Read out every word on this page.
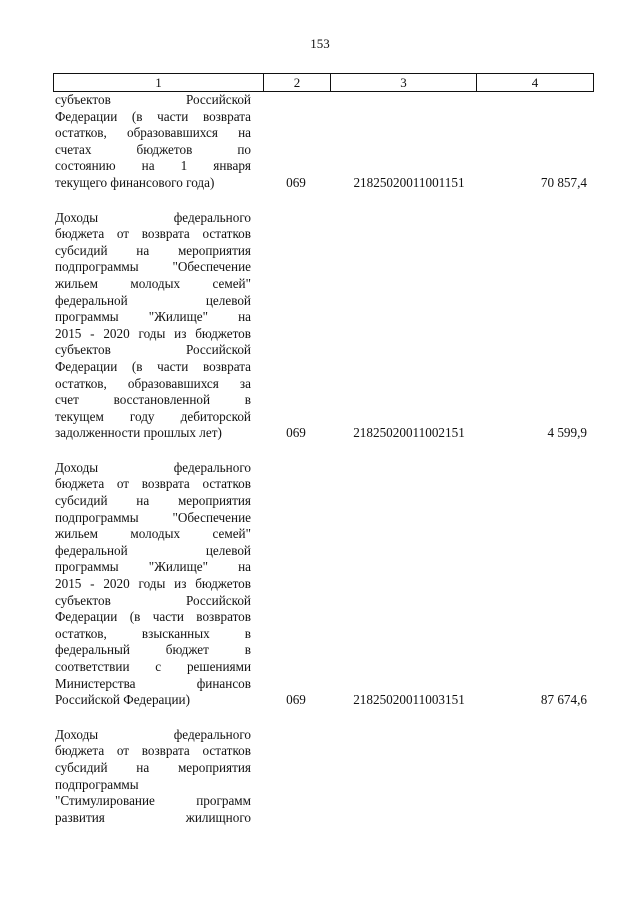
153
1	2	3	4
субъектов Российской
Федерации (в части возврата
остатков, образовавшихся на
счетах бюджетов по
состоянию на 1 января
текущего финансового года)	069	21825020011001151	70 857,4
Доходы федерального
бюджета от возврата остатков
субсидий на мероприятия
подпрограммы "Обеспечение
жильем молодых семей"
федеральной целевой
программы "Жилище" на
2015 - 2020 годы из бюджетов
субъектов Российской
Федерации (в части возврата
остатков, образовавшихся за
счет восстановленной в
текущем году дебиторской
задолженности прошлых лет)	069	21825020011002151	4 599,9
Доходы федерального
бюджета от возврата остатков
субсидий на мероприятия
подпрограммы "Обеспечение
жильем молодых семей"
федеральной целевой
программы "Жилище" на
2015 - 2020 годы из бюджетов
субъектов Российской
Федерации (в части возвратов
остатков, взысканных в
федеральный бюджет в
соответствии с решениями
Министерства финансов
Российской Федерации)	069	21825020011003151	87 674,6
Доходы федерального
бюджета от возврата остатков
субсидий на мероприятия
подпрограммы
"Стимулирование программ
развития жилищного
